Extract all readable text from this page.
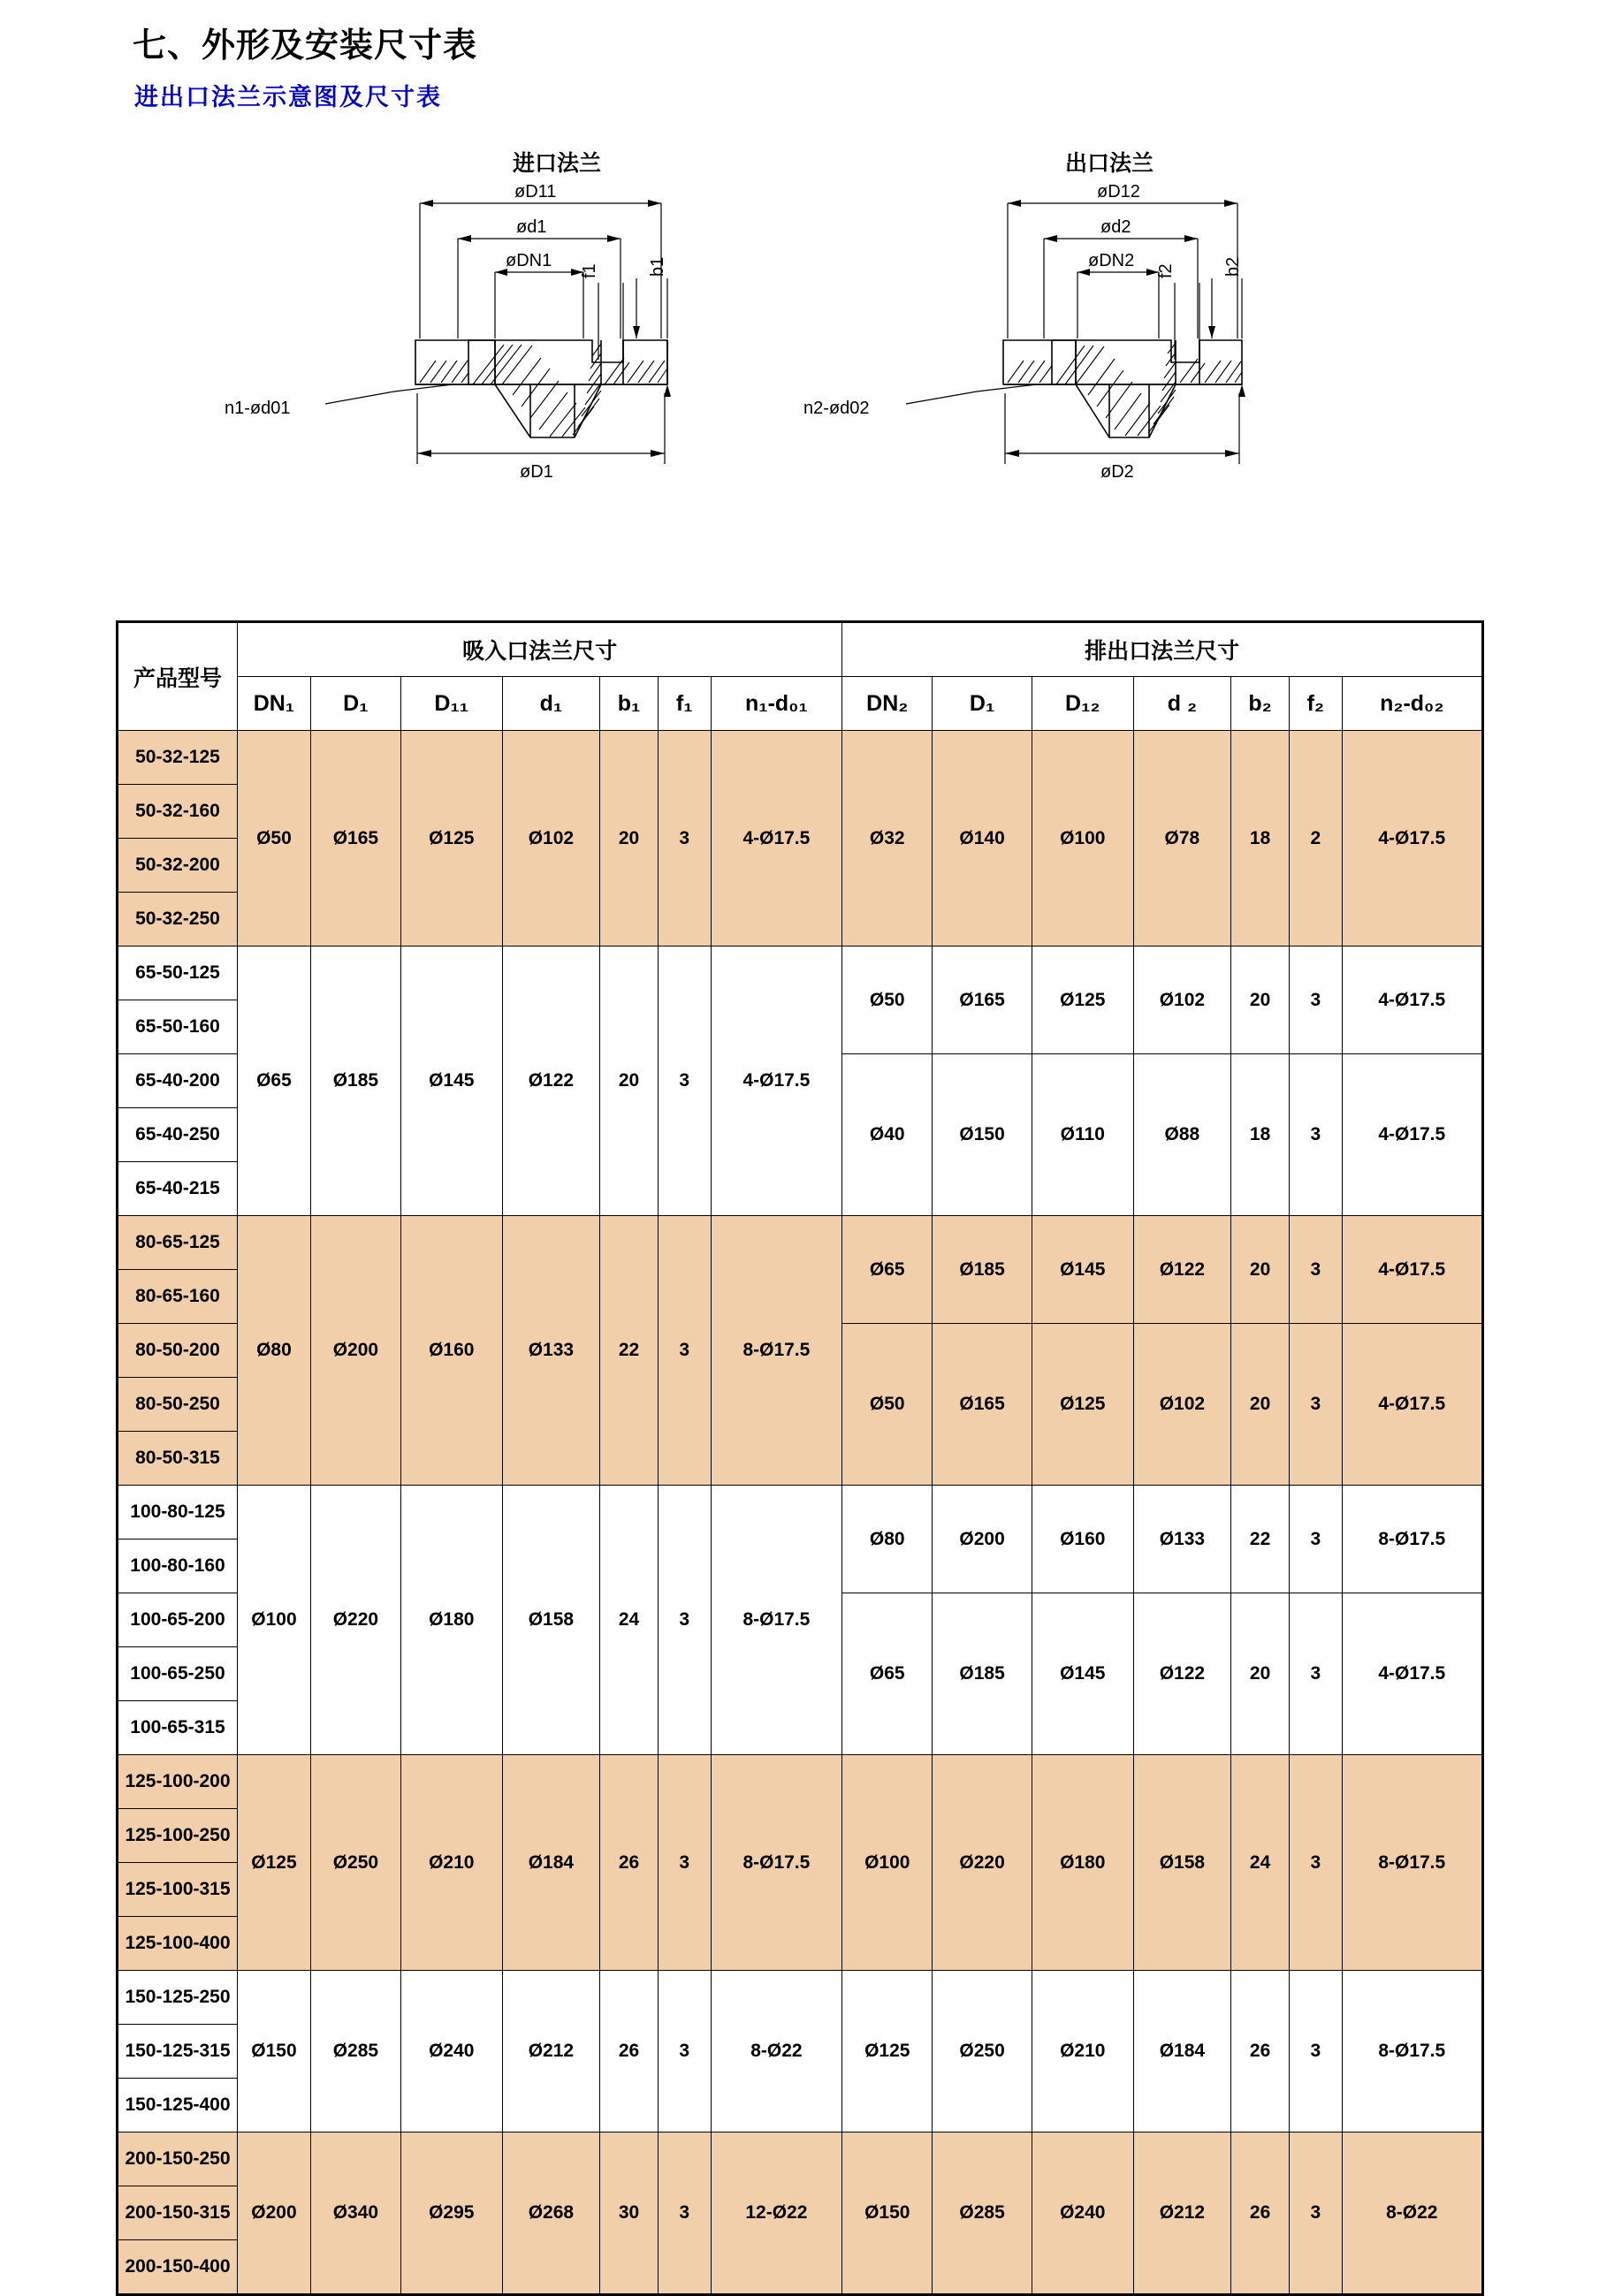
七、外形及安装尺寸表
进出口法兰示意图及尺寸表
进口法兰	出口法兰
øD11
ød1
øDN1
f1	b1
n1-ød01
øD1
øD12
ød2
øDN2
f2	b2
n2-ød02
øD2
产品型号	吸入口法兰尺寸							排出口法兰尺寸						
	DN₁	D₁	D₁₁	d₁	b₁	f₁	n₁-d₀₁	DN₂	D₁	D₁₂	d ₂	b₂	f₂	n₂-d₀₂
50-32-125	Ø50	Ø165	Ø125	Ø102	20	3	4-Ø17.5	Ø32	Ø140	Ø100	Ø78	18	2	4-Ø17.5
50-32-160														
50-32-200														
50-32-250														
65-50-125	Ø65	Ø185	Ø145	Ø122	20	3	4-Ø17.5	Ø50	Ø165	Ø125	Ø102	20	3	4-Ø17.5
65-50-160														
65-40-200								Ø40	Ø150	Ø110	Ø88	18	3	4-Ø17.5
65-40-250														
65-40-215														
80-65-125	Ø80	Ø200	Ø160	Ø133	22	3	8-Ø17.5	Ø65	Ø185	Ø145	Ø122	20	3	4-Ø17.5
80-65-160														
80-50-200								Ø50	Ø165	Ø125	Ø102	20	3	4-Ø17.5
80-50-250														
80-50-315														
100-80-125	Ø100	Ø220	Ø180	Ø158	24	3	8-Ø17.5	Ø80	Ø200	Ø160	Ø133	22	3	8-Ø17.5
100-80-160														
100-65-200								Ø65	Ø185	Ø145	Ø122	20	3	4-Ø17.5
100-65-250														
100-65-315														
125-100-200	Ø125	Ø250	Ø210	Ø184	26	3	8-Ø17.5	Ø100	Ø220	Ø180	Ø158	24	3	8-Ø17.5
125-100-250														
125-100-315														
125-100-400														
150-125-250	Ø150	Ø285	Ø240	Ø212	26	3	8-Ø22	Ø125	Ø250	Ø210	Ø184	26	3	8-Ø17.5
150-125-315														
150-125-400														
200-150-250	Ø200	Ø340	Ø295	Ø268	30	3	12-Ø22	Ø150	Ø285	Ø240	Ø212	26	3	8-Ø22
200-150-315														
200-150-400														
